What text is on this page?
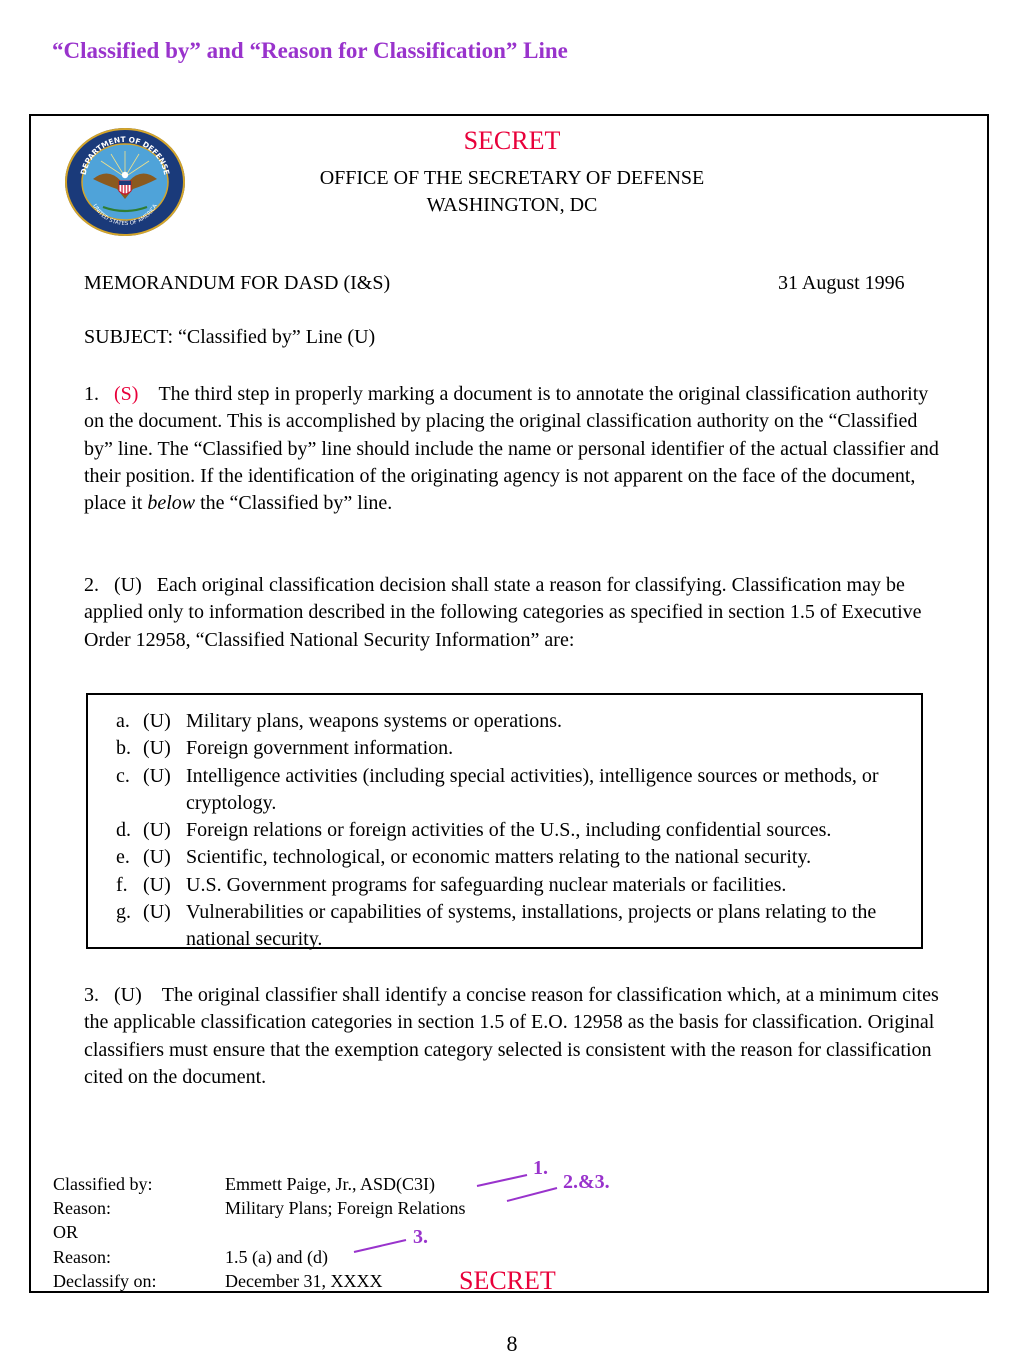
“Classified by” and “Reason for Classification” Line
DEPARTMENT OF DEFENSE
UNITED STATES OF AMERICA
SECRET
OFFICE OF THE SECRETARY OF DEFENSE
WASHINGTON, DC
MEMORANDUM FOR DASD (I&S)	31 August 1996
SUBJECT: “Classified by” Line (U)
1. (S) The third step in properly marking a document is to annotate the original classification authority on the document. This is accomplished by placing the original classification authority on the “Classified by” line. The “Classified by” line should include the name or personal identifier of the actual classifier and their position. If the identification of the originating agency is not apparent on the face of the document, place it below the “Classified by” line.
2. (U) Each original classification decision shall state a reason for classifying. Classification may be applied only to information described in the following categories as specified in section 1.5 of Executive Order 12958, “Classified National Security Information” are:
a. (U) Military plans, weapons systems or operations.
b. (U) Foreign government information.
c. (U) Intelligence activities (including special activities), intelligence sources or methods, or cryptology.
d. (U) Foreign relations or foreign activities of the U.S., including confidential sources.
e. (U) Scientific, technological, or economic matters relating to the national security.
f. (U) U.S. Government programs for safeguarding nuclear materials or facilities.
g. (U) Vulnerabilities or capabilities of systems, installations, projects or plans relating to the national security.
3. (U) The original classifier shall identify a concise reason for classification which, at a minimum cites the applicable classification categories in section 1.5 of E.O. 12958 as the basis for classification. Original classifiers must ensure that the exemption category selected is consistent with the reason for classification cited on the document.
Classified by:	Emmett Paige, Jr., ASD(C3I)
Reason:	Military Plans; Foreign Relations
OR
Reason:	1.5 (a) and (d)
Declassify on:	December 31, XXXX	SECRET
1.
2.&3.
3.
8
